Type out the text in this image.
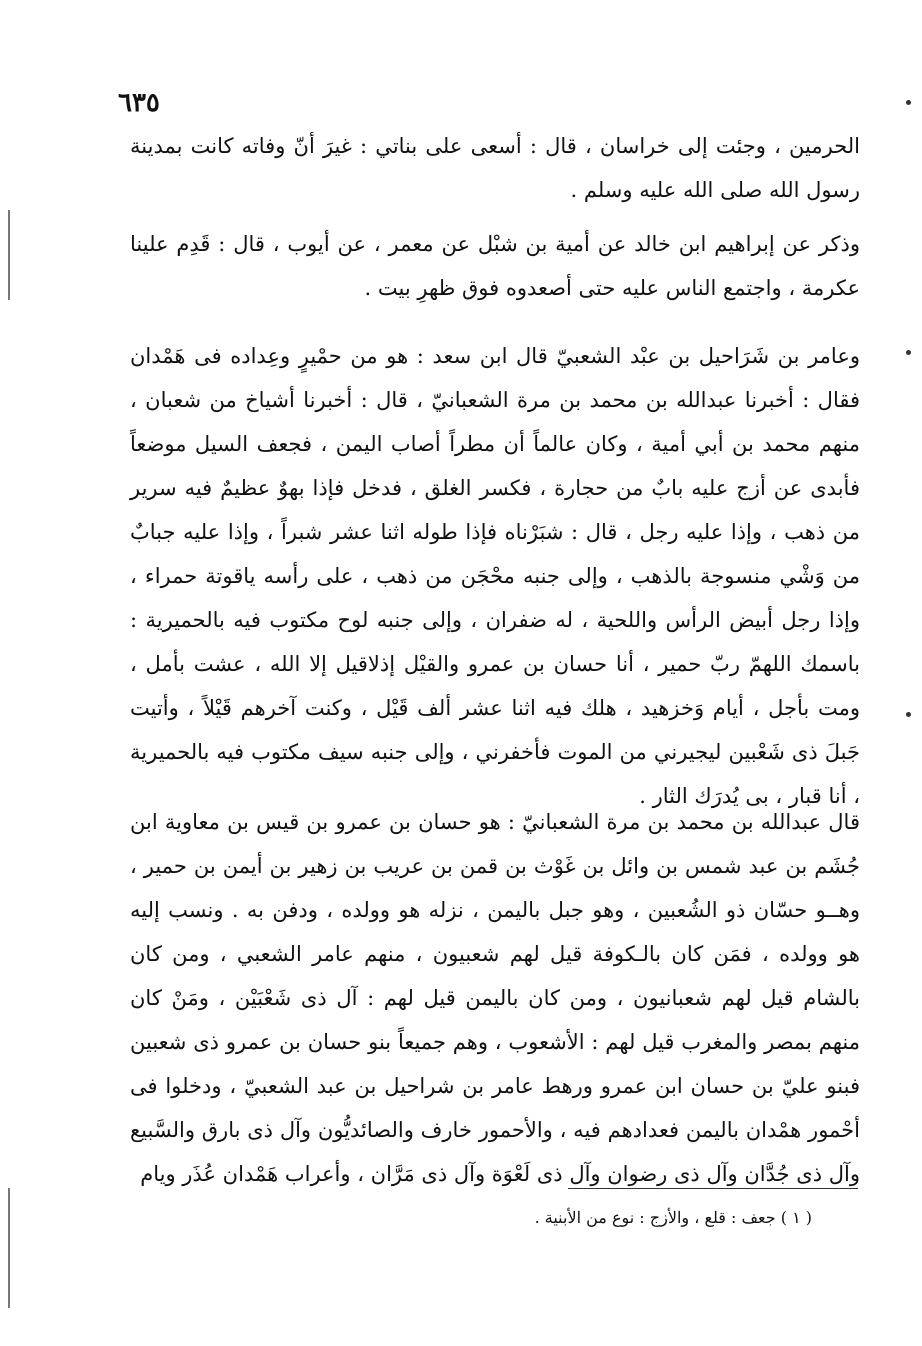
٦٣٥

الحرمين ، وجئت إلى خراسان ، قال : أسعى على بناتي : غيرَ أنّ وفاته كانت بمدينة رسول الله صلى الله عليه وسلم .

وذكر عن إبراهيم ابن خالد عن أمية بن شبْل عن معمر ، عن أيوب ، قال : قَدِم علينا عكرمة ، واجتمع الناس عليه حتى أصعدوه فوق ظهرِ بيت .

وعامر بن شَرَاحيل بن عبْد الشعبيّ قال ابن سعد : هو من حمْيرٍ وعِداده فى هَمْدان فقال : أخبرنا عبدالله بن محمد بن مرة الشعبانيّ ، قال : أخبرنا أشياخ من شعبان ، منهم محمد بن أبي أمية ، وكان عالماً أن مطراً أصاب اليمن ، فجعف السيل موضعاً فأبدى عن أزج عليه بابٌ من حجارة ، فكسر الغلق ، فدخل فإذا بهوٌ عظيمٌ فيه سرير من ذهب ، وإذا عليه رجل ، قال : شبَرْناه فإذا طوله اثنا عشر شبراً ، وإذا عليه جبابٌ من وَشْي منسوجة بالذهب ، وإلى جنبه محْجَن من ذهب ، على رأسه ياقوتة حمراء ، وإذا رجل أبيض الرأس واللحية ، له ضفران ، وإلى جنبه لوح مكتوب فيه بالحميرية : باسمك اللهمّ ربّ حمير ، أنا حسان بن عمرو والقيْل إذلاقيل إلا الله ، عشت بأمل ، ومت بأجل ، أيام وَخزهيد ، هلك فيه اثنا عشر ألف قَيْل ، وكنت آخرهم قَيْلاً ، وأتيت جَبلَ ذى شَعْبين ليجيرني من الموت فأخفرني ، وإلى جنبه سيف مكتوب فيه بالحميرية ، أنا قبار ، بى يُدرَك الثار .

قال عبدالله بن محمد بن مرة الشعبانيّ : هو حسان بن عمرو بن قيس بن معاوية ابن جُشَم بن عبد شمس بن وائل بن غَوْث بن قمن بن عريب بن زهير بن أيمن بن حمير ، وهــو حسّان ذو الشُعبين ، وهو جبل باليمن ، نزله هو وولده ، ودفن به . ونسب إليه هو وولده ، فمَن كان بالـكوفة قيل لهم شعبيون ، منهم عامر الشعبي ، ومن كان بالشام قيل لهم شعبانيون ، ومن كان باليمن قيل لهم : آل ذى شَعْبَيْن ، ومَنْ كان منهم بمصر والمغرب قيل لهم : الأشعوب ، وهم جميعاً بنو حسان بن عمرو ذى شعبين فبنو عليّ بن حسان ابن عمرو ورهط عامر بن شراحيل بن عبد الشعبيّ ، ودخلوا فى أحْمور همْدان باليمن فعدادهم فيه ، والأحمور خارف والصائديُّون وآل ذى بارق والسَّبيع وآل ذى جُدَّان وآل ذى رضوان وآل ذى لَعْوَة وآل ذى مَرَّان ، وأعراب هَمْدان عُذَر ويام

( ١ ) جعف : قلع ، والأزج : نوع من الأبنية .
